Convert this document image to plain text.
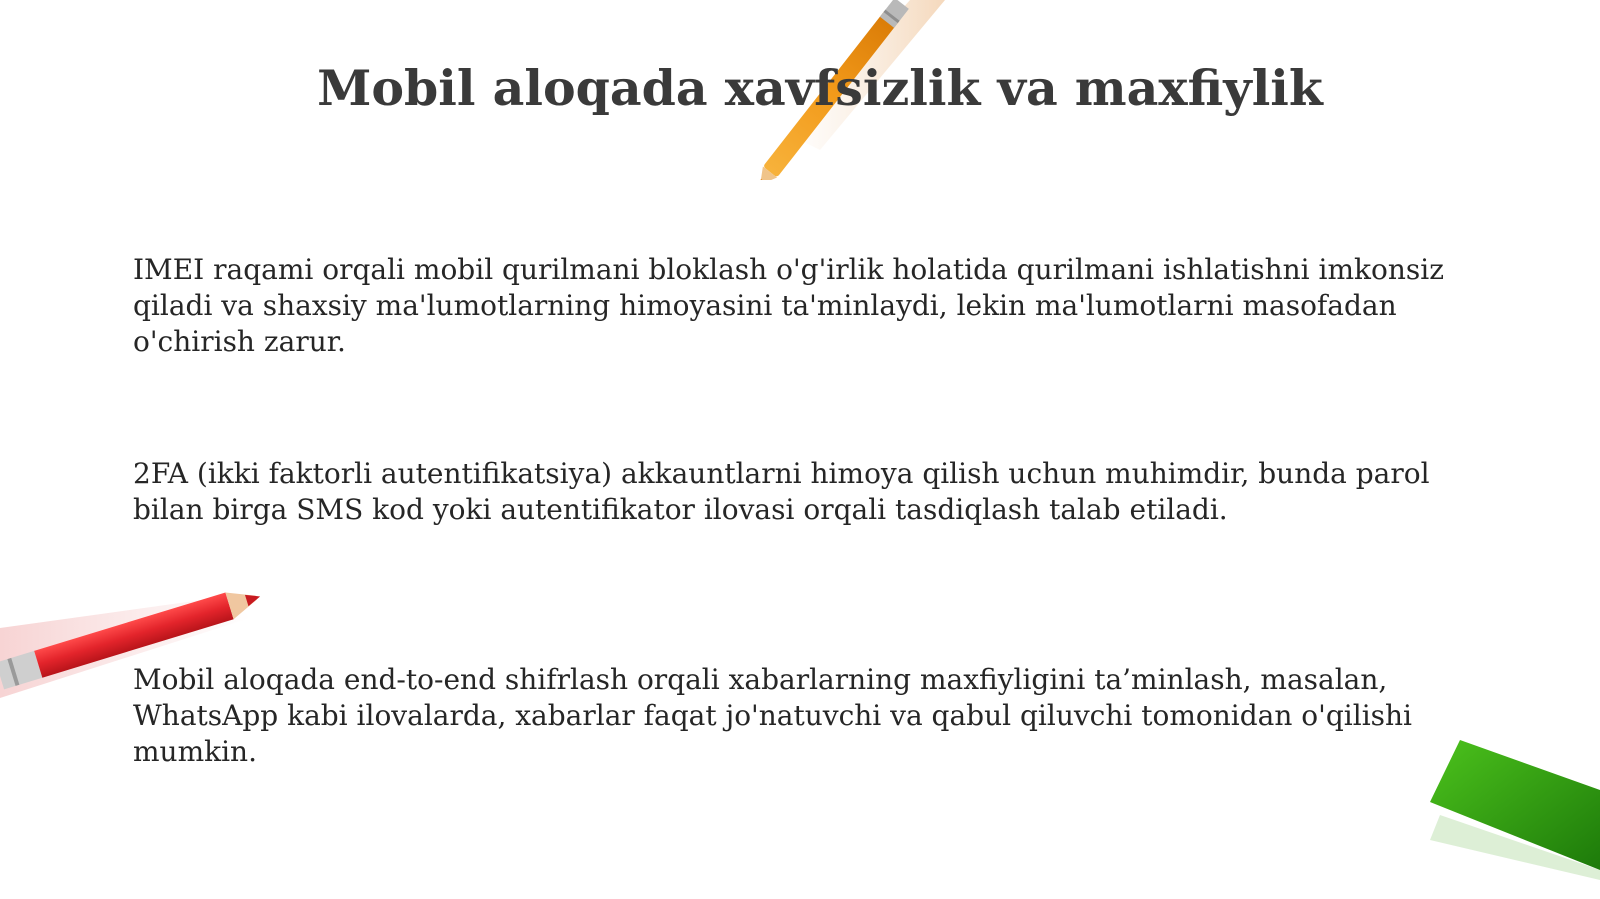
Mobil aloqada xavfsizlik va maxfiylik

IMEI raqami orqali mobil qurilmani bloklash o'g'irlik holatida qurilmani ishlatishni imkonsiz qiladi va shaxsiy ma'lumotlarning himoyasini ta'minlaydi, lekin ma'lumotlarni masofadan o'chirish zarur.

2FA (ikki faktorli autentifikatsiya) akkauntlarni himoya qilish uchun muhimdir, bunda parol bilan birga SMS kod yoki autentifikator ilovasi orqali tasdiqlash talab etiladi.

Mobil aloqada end-to-end shifrlash orqali xabarlarning maxfiyligini ta’minlash, masalan, WhatsApp kabi ilovalarda, xabarlar faqat jo'natuvchi va qabul qiluvchi tomonidan o'qilishi mumkin.
